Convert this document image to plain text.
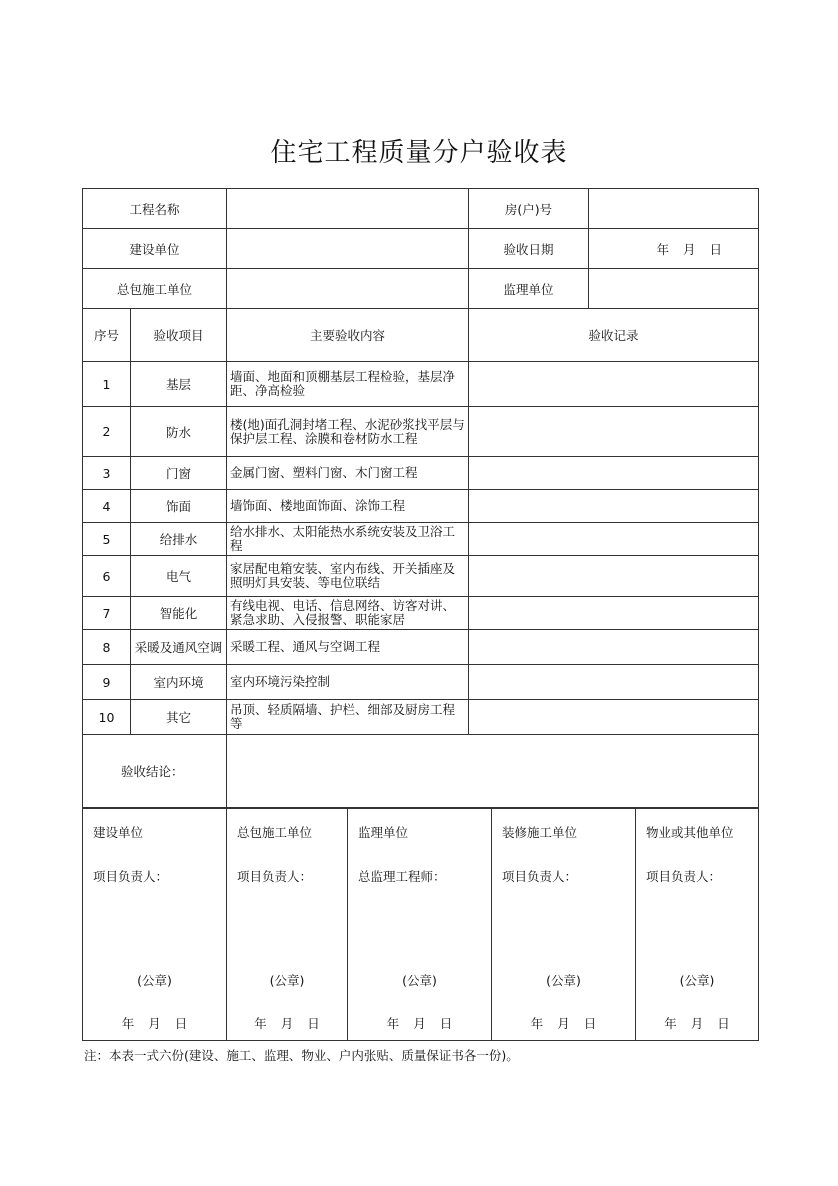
住宅工程质量分户验收表
工程名称			房(户)号	
建设单位			验收日期	年 月 日
总包施工单位			监理单位	
序号	验收项目	主要验收内容	验收记录	
1	基层	墙面、地面和顶棚基层工程检验，基层净距、净高检验		
2	防水	楼(地)面孔洞封堵工程、水泥砂浆找平层与保护层工程、涂膜和卷材防水工程		
3	门窗	金属门窗、塑料门窗、木门窗工程		
4	饰面	墙饰面、楼地面饰面、涂饰工程		
5	给排水	给水排水、太阳能热水系统安装及卫浴工程		
6	电气	家居配电箱安装、室内布线、开关插座及照明灯具安装、等电位联结		
7	智能化	有线电视、电话、信息网络、访客对讲、紧急求助、入侵报警、职能家居		
8	采暖及通风空调	采暖工程、通风与空调工程		
9	室内环境	室内环境污染控制		
10	其它	吊顶、轻质隔墙、护栏、细部及厨房工程等		
验收结论：				
建设单位
项目负责人：
(公章)
年 月 日

总包施工单位
项目负责人：
(公章)
年 月 日

监理单位
总监理工程师：
(公章)
年 月 日

装修施工单位
项目负责人：
(公章)
年 月 日

物业或其他单位
项目负责人：
(公章)
年 月 日
注：本表一式六份(建设、施工、监理、物业、户内张贴、质量保证书各一份)。
